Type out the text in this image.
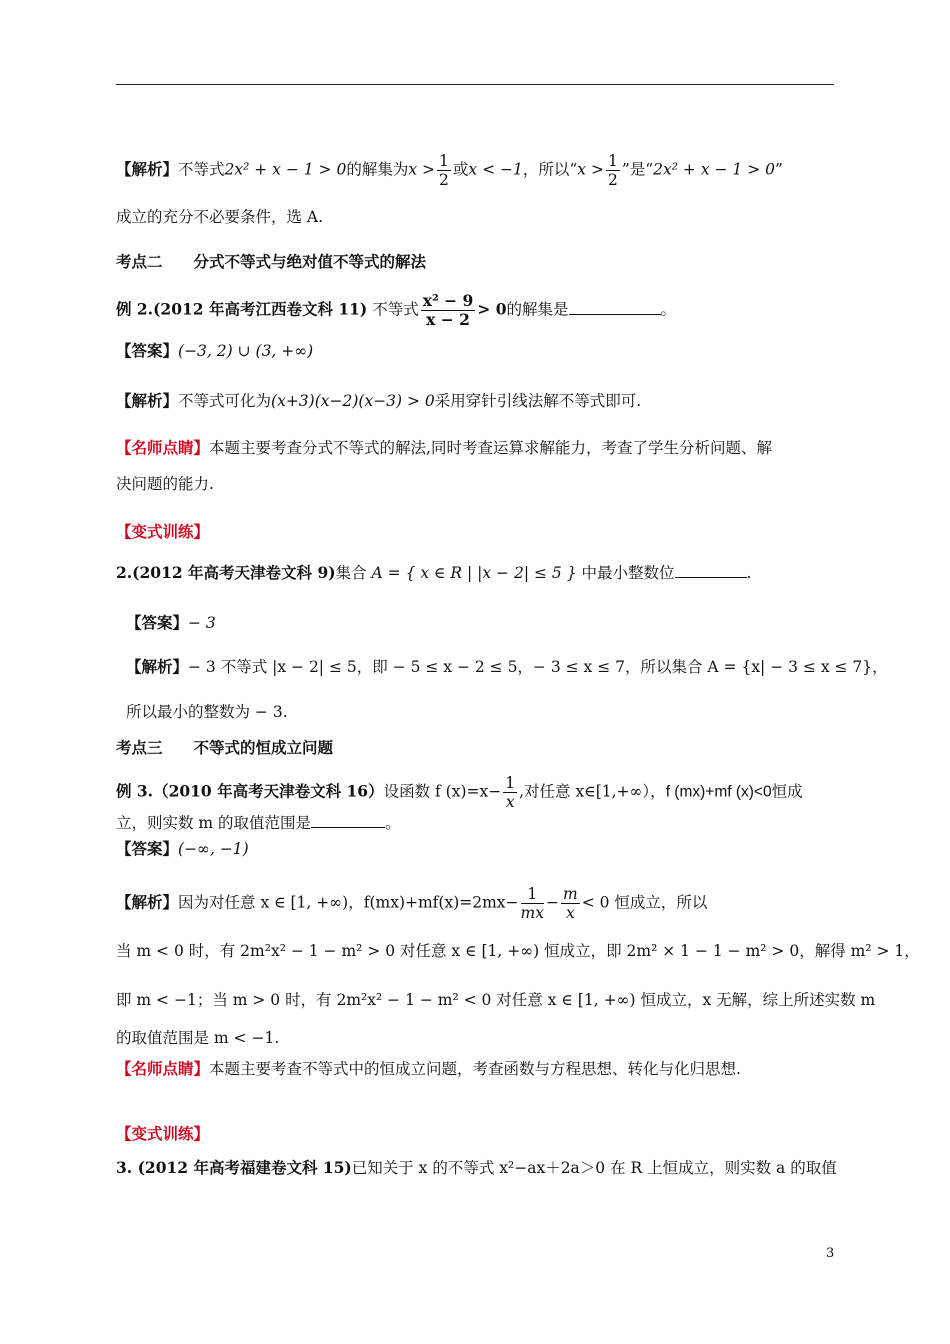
【解析】不等式2x² + x − 1 > 0的解集为$x > \frac{1}{2}$ 或x < −1，所以“$x > \frac{1}{2}$ ”是“2x² + x − 1 > 0”
成立的充分不必要条件，选 A.
考点二　　分式不等式与绝对值不等式的解法
例 2.(2012 年高考江西卷文科 11) 不等式 $\frac{\text{x² − 9}}{x - 2} > 0$的解集是	。
【答案】(−3, 2) ∪ (3, +∞)
【解析】不等式可化为(x+3)(x−2)(x−3) > 0采用穿针引线法解不等式即可.
【名师点睛】本题主要考查分式不等式的解法,同时考查运算求解能力，考查了学生分析问题、解
决问题的能力.
【变式训练】
2.(2012 年高考天津卷文科 9)集合 A = { x ∈ R | |x − 2| ≤ 5 } 中最小整数位	.
【答案】− 3
【解析】− 3 不等式 |x − 2| ≤ 5，即 − 5 ≤ x − 2 ≤ 5，− 3 ≤ x ≤ 7，所以集合 A = {x| − 3 ≤ x ≤ 7}，
所以最小的整数为 − 3.
考点三　　不等式的恒成立问题
例 3.（2010 年高考天津卷文科 16）设函数 f $(x)=x- \frac{1}{x}$ ,对任意 x∈[1,+∞），f (mx)+mf (x)<0恒成
立，则实数 m 的取值范围是	。
【答案】(−∞, −1)
【解析】因为对任意 x ∈ [1, +∞)，$f(mx)+mf(x)=2mx- \frac{1}{mx} - \frac{m}{x} < 0$ 恒成立，所以
当 m < 0 时，有 2m²x² − 1 − m² > 0 对任意 x ∈ [1, +∞) 恒成立，即 2m² × 1 − 1 − m² > 0，解得 m² > 1，
即 m < −1；当 m > 0 时，有 2m²x² − 1 − m² < 0 对任意 x ∈ [1, +∞) 恒成立，x 无解，综上所述实数 m
的取值范围是 m < −1.
【名师点睛】本题主要考查不等式中的恒成立问题，考查函数与方程思想、转化与化归思想.
【变式训练】
3. (2012 年高考福建卷文科 15)已知关于 x 的不等式 x²−ax＋2a＞0 在 R 上恒成立，则实数 a 的取值
3
